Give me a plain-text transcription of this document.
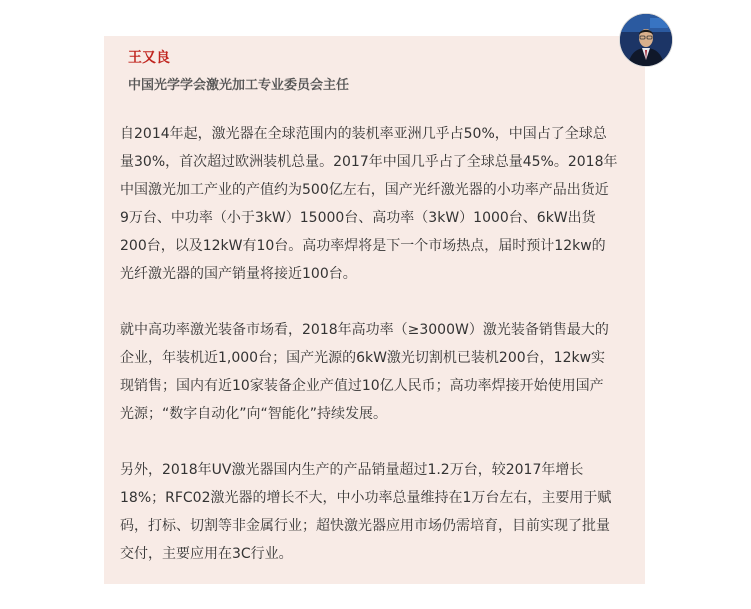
王又良
中国光学学会激光加工专业委员会主任
自2014年起，激光器在全球范围内的装机率亚洲几乎占50%，中国占了全球总
量30%，首次超过欧洲装机总量。2017年中国几乎占了全球总量45%。2018年
中国激光加工产业的产值约为500亿左右，国产光纤激光器的小功率产品出货近
9万台、中功率（小于3kW）15000台、高功率（3kW）1000台、6kW出货
200台，以及12kW有10台。高功率焊将是下一个市场热点，届时预计12kw的
光纤激光器的国产销量将接近100台。
就中高功率激光装备市场看，2018年高功率（≥3000W）激光装备销售最大的
企业，年装机近1,000台；国产光源的6kW激光切割机已装机200台，12kw实
现销售；国内有近10家装备企业产值过10亿人民币；高功率焊接开始使用国产
光源；“数字自动化”向“智能化”持续发展。
另外，2018年UV激光器国内生产的产品销量超过1.2万台，较2017年增长
18%；RFC02激光器的增长不大，中小功率总量维持在1万台左右，主要用于赋
码，打标、切割等非金属行业；超快激光器应用市场仍需培育，目前实现了批量
交付，主要应用在3C行业。
